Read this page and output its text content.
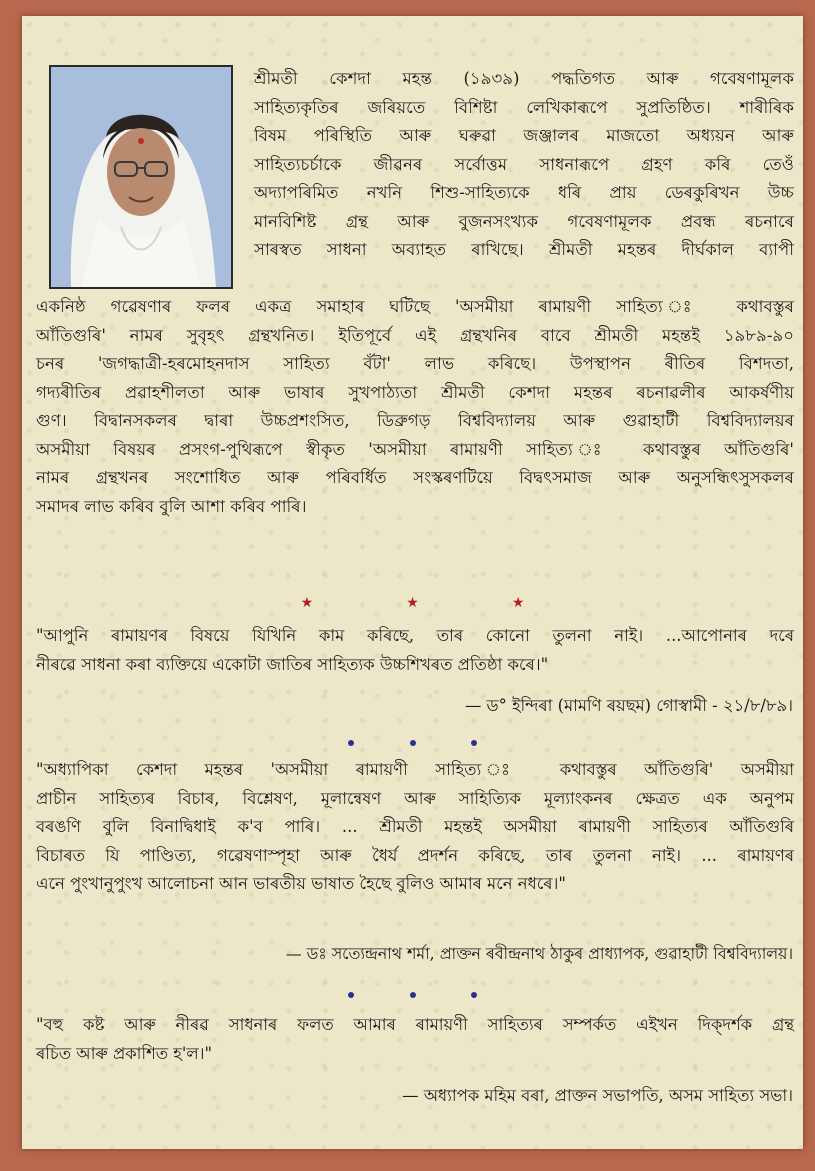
শ্ৰীমতী কেশদা মহন্ত (১৯৩৯) পদ্ধতিগত আৰু গবেষণামূলক
সাহিত্যকৃতিৰ জৰিয়তে বিশিষ্টা লেখিকাৰূপে সুপ্ৰতিষ্ঠিত। শাৰীৰিক
বিষম পৰিস্থিতি আৰু ঘৰুৱা জঞ্জালৰ মাজতো অধ্যয়ন আৰু
সাহিত্যচৰ্চাকে জীৱনৰ সৰ্বোত্তম সাধনাৰূপে গ্ৰহণ কৰি তেওঁ
অদ্যাপৰিমিত নখনি শিশু-সাহিত্যকে ধৰি প্ৰায় ডেৰকুৰিখন উচ্চ
মানবিশিষ্ট গ্ৰন্থ আৰু বুজনসংখ্যক গবেষণামূলক প্ৰবন্ধ ৰচনাৰে
সাৰস্বত সাধনা অব্যাহত ৰাখিছে। শ্ৰীমতী মহন্তৰ দীৰ্ঘকাল ব্যাপী
একনিষ্ঠ গৱেষণাৰ ফলৰ একত্ৰ সমাহাৰ ঘটিছে 'অসমীয়া ৰামায়ণী সাহিত্য ঃ কথাবস্তুৰ
আঁতিগুৰি' নামৰ সুবৃহৎ গ্ৰন্থখনিত। ইতিপূৰ্বে এই গ্ৰন্থখনিৰ বাবে শ্ৰীমতী মহন্তই ১৯৮৯-৯০
চনৰ 'জগদ্ধাত্ৰী-হৰমোহনদাস সাহিত্য বঁটা' লাভ কৰিছে। উপস্থাপন ৰীতিৰ বিশদতা,
গদ্যৰীতিৰ প্ৰৱাহশীলতা আৰু ভাষাৰ সুখপাঠ্যতা শ্ৰীমতী কেশদা মহন্তৰ ৰচনাৱলীৰ আকৰ্ষণীয়
গুণ। বিদ্বানসকলৰ দ্বাৰা উচ্চপ্ৰশংসিত, ডিব্ৰুগড় বিশ্ববিদ্যালয় আৰু গুৱাহাটী বিশ্ববিদ্যালয়ৰ
অসমীয়া বিষয়ৰ প্ৰসংগ-পুথিৰূপে স্বীকৃত 'অসমীয়া ৰামায়ণী সাহিত্য ঃ কথাবস্তুৰ আঁতিগুৰি'
নামৰ গ্ৰন্থখনৰ সংশোধিত আৰু পৰিবৰ্ধিত সংস্কৰণটিয়ে বিদ্বৎসমাজ আৰু অনুসন্ধিৎসুসকলৰ
সমাদৰ লাভ কৰিব বুলি আশা কৰিব পাৰি।
★	★	★
"আপুনি ৰামায়ণৰ বিষয়ে যিখিনি কাম কৰিছে, তাৰ কোনো তুলনা নাই। ...আপোনাৰ দৰে
নীৰৱে সাধনা কৰা ব্যক্তিয়ে একোটা জাতিৰ সাহিত্যক উচ্চশিখৰত প্ৰতিষ্ঠা কৰে।"
— ড° ইন্দিৰা (মামণি ৰয়ছম) গোস্বামী - ২১/৮/৮৯।

"অধ্যাপিকা কেশদা মহন্তৰ 'অসমীয়া ৰামায়ণী সাহিত্য ঃ কথাবস্তুৰ আঁতিগুৰি' অসমীয়া
প্ৰাচীন সাহিত্যৰ বিচাৰ, বিশ্লেষণ, মূলান্বেষণ আৰু সাহিত্যিক মূল্যাংকনৰ ক্ষেত্ৰত এক অনুপম
বৰঙণি বুলি বিনাদ্বিধাই ক'ব পাৰি। ... শ্ৰীমতী মহন্তই অসমীয়া ৰামায়ণী সাহিত্যৰ আঁতিগুৰি
বিচাৰত যি পাণ্ডিত্য, গৱেষণাস্পৃহা আৰু ধৈৰ্য প্ৰদৰ্শন কৰিছে, তাৰ তুলনা নাই। ... ৰামায়ণৰ
এনে পুংখানুপুংখ আলোচনা আন ভাৰতীয় ভাষাত হৈছে বুলিও আমাৰ মনে নধৰে।"
— ডঃ সত্যেন্দ্ৰনাথ শৰ্মা, প্ৰাক্তন ৰবীন্দ্ৰনাথ ঠাকুৰ প্ৰাধ্যাপক, গুৱাহাটী বিশ্ববিদ্যালয়।

"বহু কষ্ট আৰু নীৰৱ সাধনাৰ ফলত আমাৰ ৰামায়ণী সাহিত্যৰ সম্পৰ্কত এইখন দিক্দৰ্শক গ্ৰন্থ
ৰচিত আৰু প্ৰকাশিত হ'ল।"
— অধ্যাপক মহিম বৰা, প্ৰাক্তন সভাপতি, অসম সাহিত্য সভা।
